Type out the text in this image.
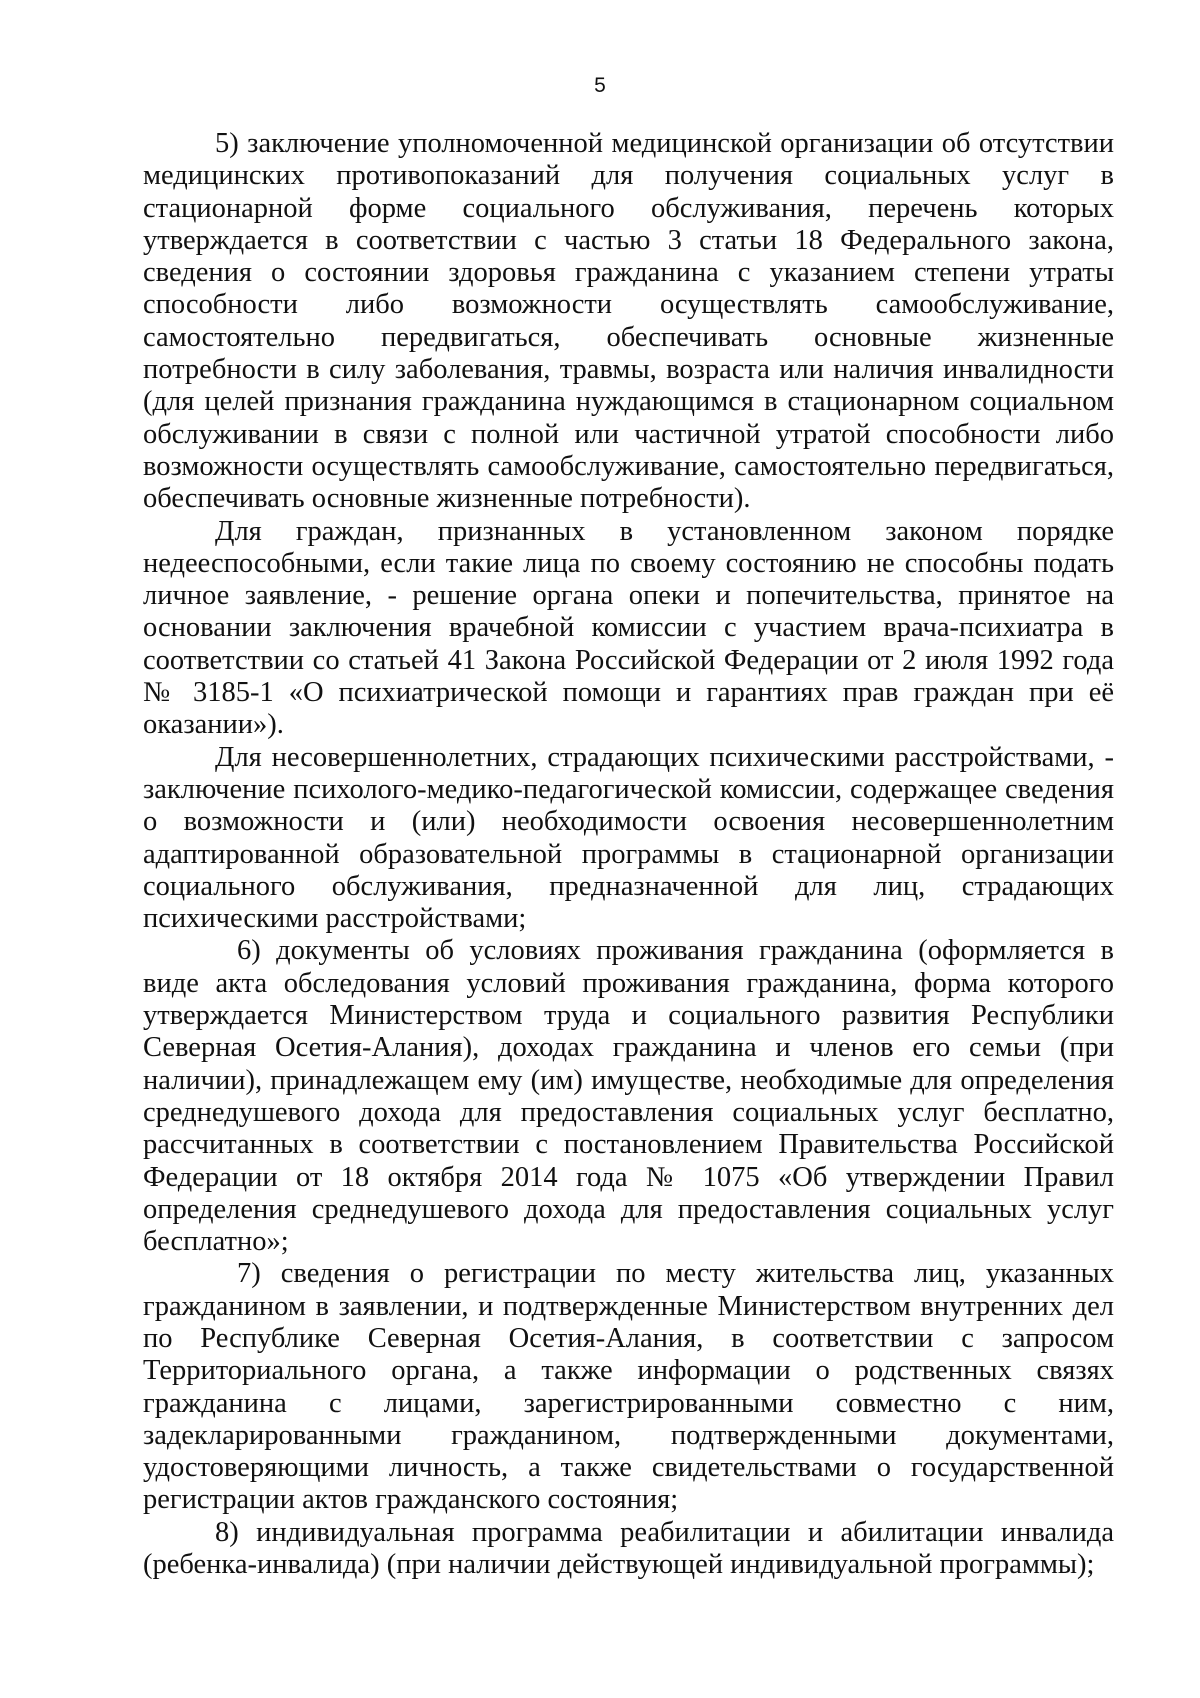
5

5) заключение уполномоченной медицинской организации об отсутствии медицинских противопоказаний для получения социальных услуг в стационарной форме социального обслуживания, перечень которых утверждается в соответствии с частью 3 статьи 18 Федерального закона, сведения о состоянии здоровья гражданина с указанием степени утраты способности либо возможности осуществлять самообслуживание, самостоятельно передвигаться, обеспечивать основные жизненные потребности в силу заболевания, травмы, возраста или наличия инвалидности (для целей признания гражданина нуждающимся в стационарном социальном обслуживании в связи с полной или частичной утратой способности либо возможности осуществлять самообслуживание, самостоятельно передвигаться, обеспечивать основные жизненные потребности).

Для граждан, признанных в установленном законом порядке недееспособными, если такие лица по своему состоянию не способны подать личное заявление, - решение органа опеки и попечительства, принятое на основании заключения врачебной комиссии с участием врача-психиатра в соответствии со статьей 41 Закона Российской Федерации от 2 июля 1992 года № 3185-1 «О психиатрической помощи и гарантиях прав граждан при её оказании»).

Для несовершеннолетних, страдающих психическими расстройствами, - заключение психолого-медико-педагогической комиссии, содержащее сведения о возможности и (или) необходимости освоения несовершеннолетним адаптированной образовательной программы в стационарной организации социального обслуживания, предназначенной для лиц, страдающих психическими расстройствами;

6) документы об условиях проживания гражданина (оформляется в виде акта обследования условий проживания гражданина, форма которого утверждается Министерством труда и социального развития Республики Северная Осетия-Алания), доходах гражданина и членов его семьи (при наличии), принадлежащем ему (им) имуществе, необходимые для определения среднедушевого дохода для предоставления социальных услуг бесплатно, рассчитанных в соответствии с постановлением Правительства Российской Федерации от 18 октября 2014 года № 1075 «Об утверждении Правил определения среднедушевого дохода для предоставления социальных услуг бесплатно»;

7) сведения о регистрации по месту жительства лиц, указанных гражданином в заявлении, и подтвержденные Министерством внутренних дел по Республике Северная Осетия-Алания, в соответствии с запросом Территориального органа, а также информации о родственных связях гражданина с лицами, зарегистрированными совместно с ним, задекларированными гражданином, подтвержденными документами, удостоверяющими личность, а также свидетельствами о государственной регистрации актов гражданского состояния;

8) индивидуальная программа реабилитации и абилитации инвалида (ребенка-инвалида) (при наличии действующей индивидуальной программы);
